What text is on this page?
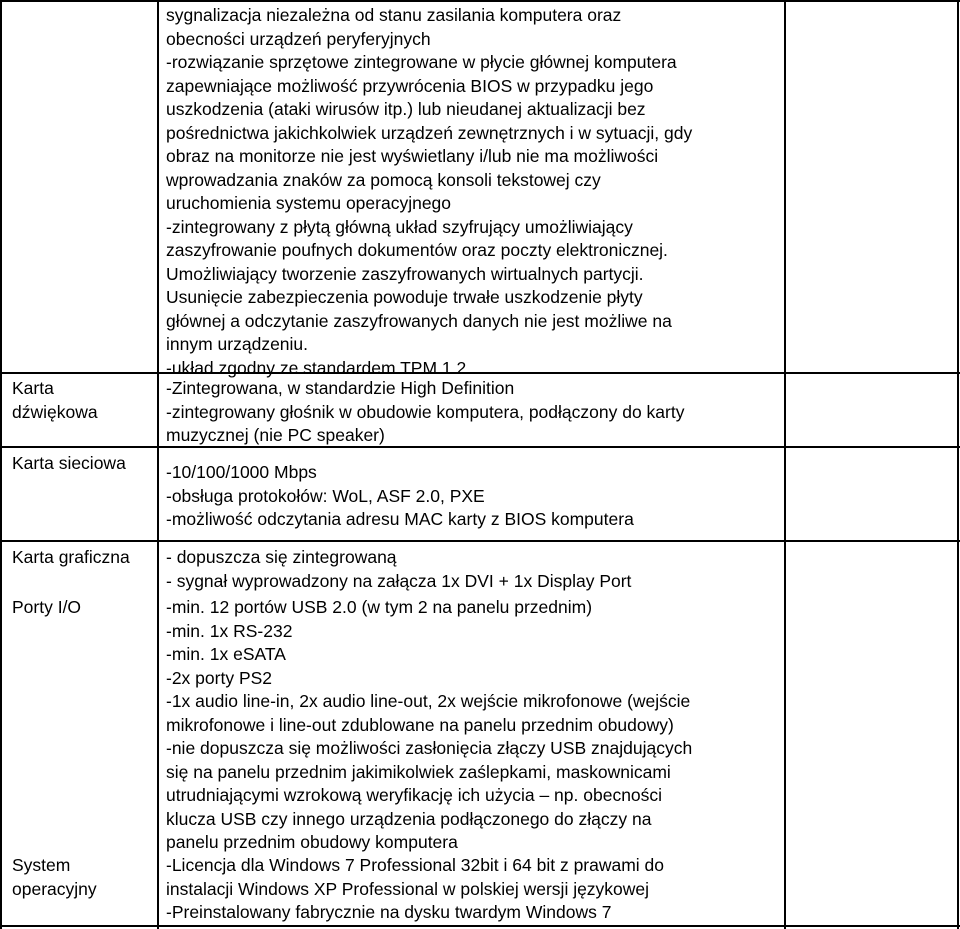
sygnalizacja niezależna od stanu zasilania komputera oraz
obecności urządzeń peryferyjnych
-rozwiązanie sprzętowe zintegrowane w płycie głównej komputera
zapewniające możliwość przywrócenia BIOS w przypadku jego
uszkodzenia (ataki wirusów itp.) lub nieudanej aktualizacji bez
pośrednictwa jakichkolwiek urządzeń zewnętrznych i w sytuacji, gdy
obraz na monitorze nie jest wyświetlany i/lub nie ma możliwości
wprowadzania znaków za pomocą konsoli tekstowej czy
uruchomienia systemu operacyjnego
-zintegrowany z płytą główną układ szyfrujący umożliwiający
zaszyfrowanie poufnych dokumentów oraz poczty elektronicznej.
Umożliwiający tworzenie zaszyfrowanych wirtualnych partycji.
Usunięcie zabezpieczenia powoduje trwałe uszkodzenie płyty
głównej a odczytanie zaszyfrowanych danych nie jest możliwe na
innym urządzeniu.
-układ zgodny ze standardem TPM 1.2
Karta
dźwiękowa
-Zintegrowana, w standardzie High Definition
-zintegrowany głośnik w obudowie komputera, podłączony do karty
muzycznej (nie PC speaker)
Karta sieciowa -10/100/1000 Mbps
-obsługa protokołów: WoL, ASF 2.0, PXE
-możliwość odczytania adresu MAC karty z BIOS komputera
Karta graficzna - dopuszcza się zintegrowaną
- sygnał wyprowadzony na załącza 1x DVI + 1x Display Port
Porty I/O	-min. 12 portów USB 2.0 (w tym 2 na panelu przednim)
-min. 1x RS-232
-min. 1x eSATA
-2x porty PS2
-1x audio line-in, 2x audio line-out, 2x wejście mikrofonowe (wejście
mikrofonowe i line-out zdublowane na panelu przednim obudowy)
-nie dopuszcza się możliwości zasłonięcia złączy USB znajdujących
się na panelu przednim jakimikolwiek zaślepkami, maskownicami
utrudniającymi wzrokową weryfikację ich użycia – np. obecności
klucza USB czy innego urządzenia podłączonego do złączy na
panelu przednim obudowy komputera
System
operacyjny
-Licencja dla Windows 7 Professional 32bit i 64 bit z prawami do
instalacji Windows XP Professional w polskiej wersji językowej
-Preinstalowany fabrycznie na dysku twardym Windows 7
